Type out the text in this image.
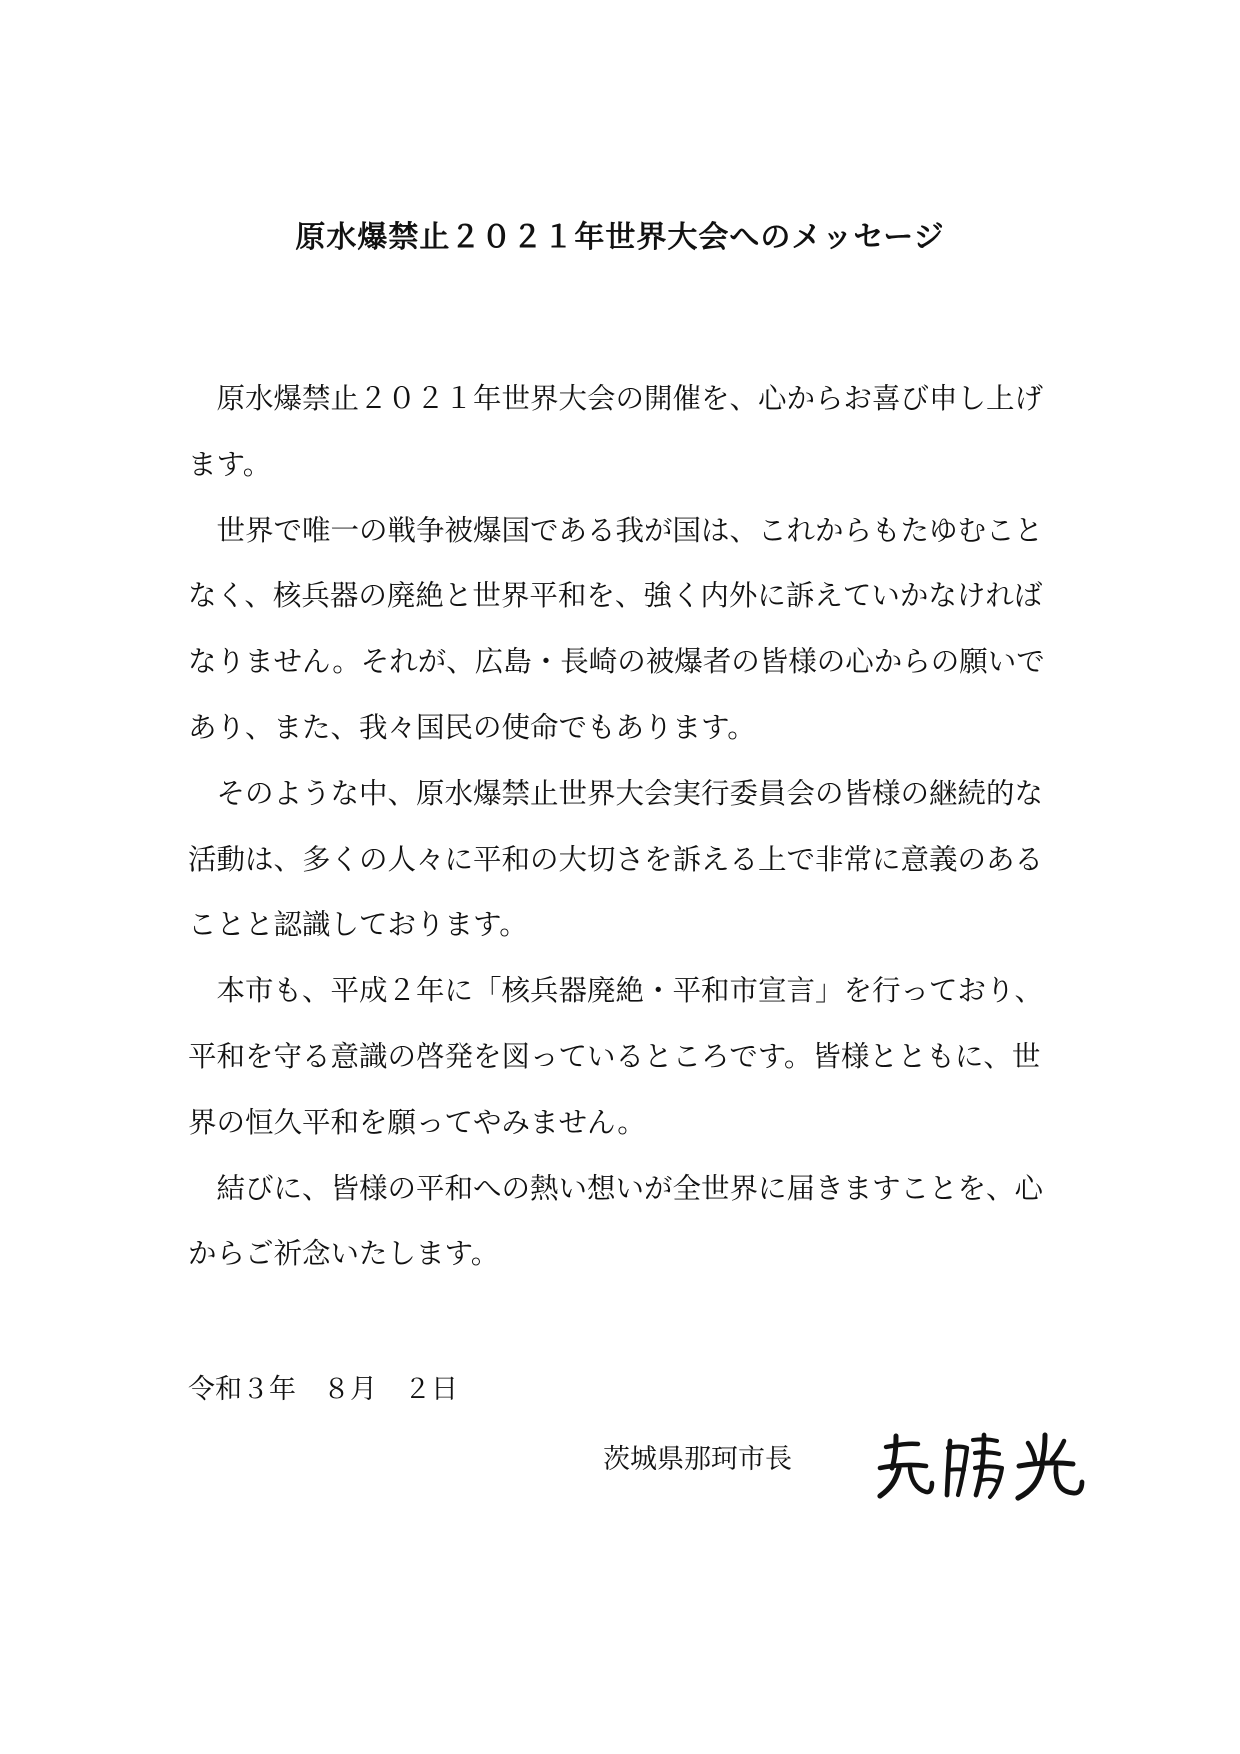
原水爆禁止２０２１年世界大会へのメッセージ

　原水爆禁止２０２１年世界大会の開催を、心からお喜び申し上げ
ます。

　世界で唯一の戦争被爆国である我が国は、これからもたゆむこと
なく、核兵器の廃絶と世界平和を、強く内外に訴えていかなければ
なりません。それが、広島・長崎の被爆者の皆様の心からの願いで
あり、また、我々国民の使命でもあります。

　そのような中、原水爆禁止世界大会実行委員会の皆様の継続的な
活動は、多くの人々に平和の大切さを訴える上で非常に意義のある
ことと認識しております。

　本市も、平成２年に「核兵器廃絶・平和市宣言」を行っており、
平和を守る意識の啓発を図っているところです。皆様とともに、世
界の恒久平和を願ってやみません。

　結びに、皆様の平和への熱い想いが全世界に届きますことを、心
からご祈念いたします。

令和３年　８月　２日
茨城県那珂市長
